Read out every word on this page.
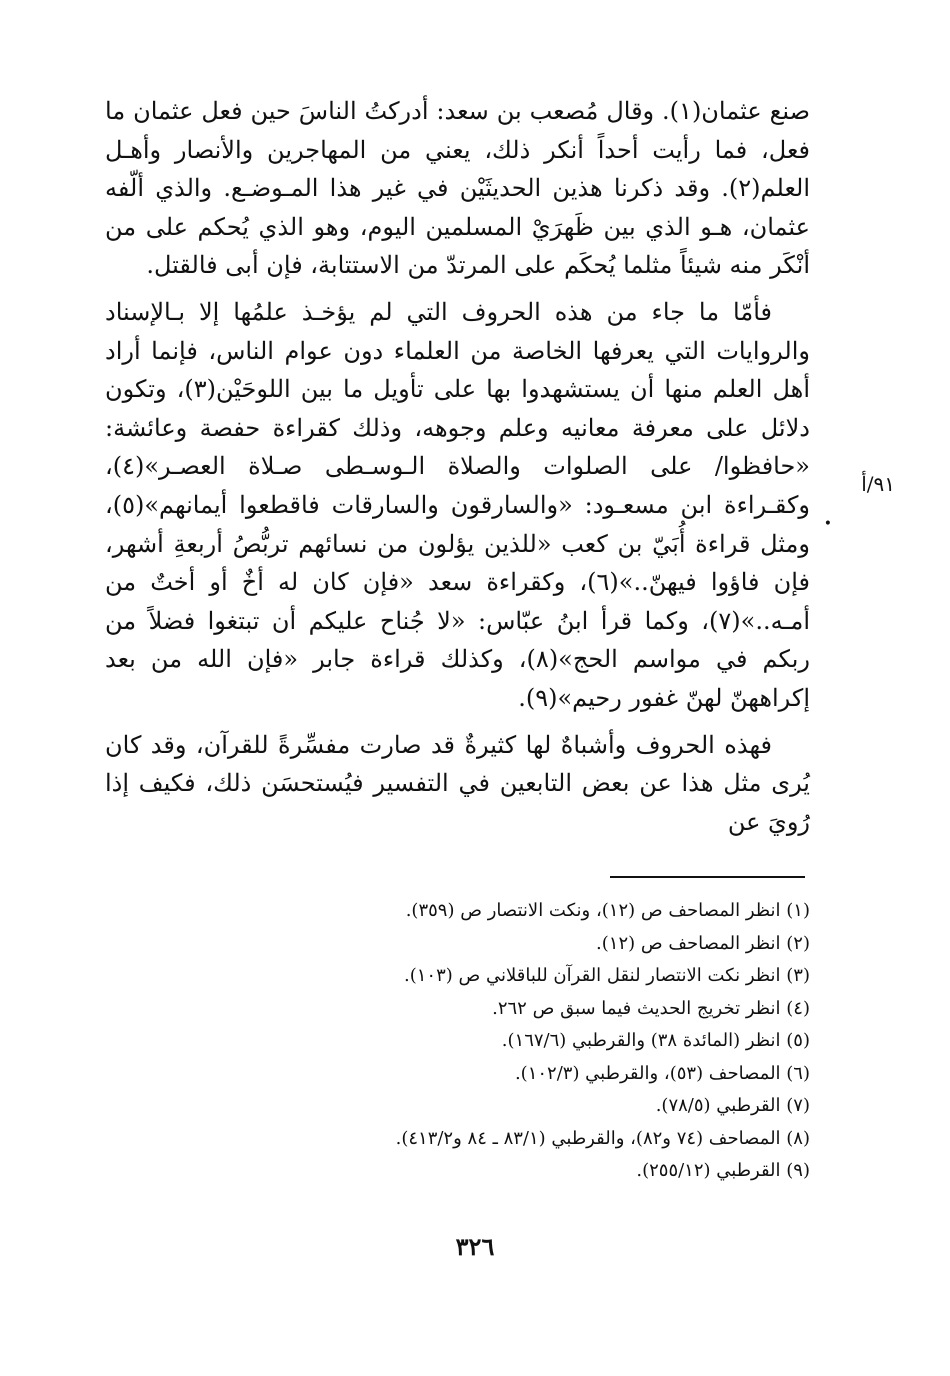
صنع عثمان(١). وقال مُصعب بن سعد: أدركتُ الناسَ حين فعل عثمان ما فعل، فما رأيت أحداً أنكر ذلك، يعني من المهاجرين والأنصار وأهـل العلم(٢). وقد ذكرنا هذين الحديثَيْن في غير هذا المـوضـع. والذي ألّفه عثمان، هـو الذي بين ظَهرَيْ المسلمين اليوم، وهو الذي يُحكم على من أنْكَر منه شيئاً مثلما يُحكَم على المرتدّ من الاستتابة، فإن أبى فالقتل.

فأمّا ما جاء من هذه الحروف التي لم يؤخـذ علمُها إلا بـالإسناد والروايات التي يعرفها الخاصة من العلماء دون عوام الناس، فإنما أراد أهل العلم منها أن يستشهدوا بها على تأويل ما بين اللوحَيْن(٣)، وتكون دلائل على معرفة معانيه وعلم وجوهه، وذلك كقراءة حفصة وعائشة: «حافظوا/ على الصلوات والصلاة الـوسـطى صـلاة العصـر»(٤)، وكقـراءة ابن مسعـود: «والسارقون والسارقات فاقطعوا أيمانهم»(٥)، ومثل قراءة أُبَيّ بن كعب «للذين يؤلون من نسائهم تربُّصُ أربعةِ أشهر، فإن فاؤوا فيهنّ..»(٦)، وكقراءة سعد «فإن كان له أخٌ أو أختٌ من أمـه..»(٧)، وكما قرأ ابنُ عبّاس: «لا جُناح عليكم أن تبتغوا فضلاً من ربكم في مواسم الحج»(٨)، وكذلك قراءة جابر «فإن الله من بعد إكراههنّ لهنّ غفور رحيم»(٩).

فهذه الحروف وأشباهٌ لها كثيرةٌ قد صارت مفسِّرةً للقرآن، وقد كان يُرى مثل هذا عن بعض التابعين في التفسير فيُستحسَن ذلك، فكيف إذا رُويَ عن

٩١/أ
•

(١) انظر المصاحف ص (١٢)، ونكت الانتصار ص (٣٥٩).

(٢) انظر المصاحف ص (١٢).

(٣) انظر نكت الانتصار لنقل القرآن للباقلاني ص (١٠٣).

(٤) انظر تخريج الحديث فيما سبق ص ٢٦٢.

(٥) انظر (المائدة ٣٨) والقرطبي (١٦٧/٦).

(٦) المصاحف (٥٣)، والقرطبي (١٠٢/٣).

(٧) القرطبي (٧٨/٥).

(٨) المصاحف (٧٤ و٨٢)، والقرطبي (٨٣/١ ـ ٨٤ و٤١٣/٢).

(٩) القرطبي (٢٥٥/١٢).

٣٢٦
